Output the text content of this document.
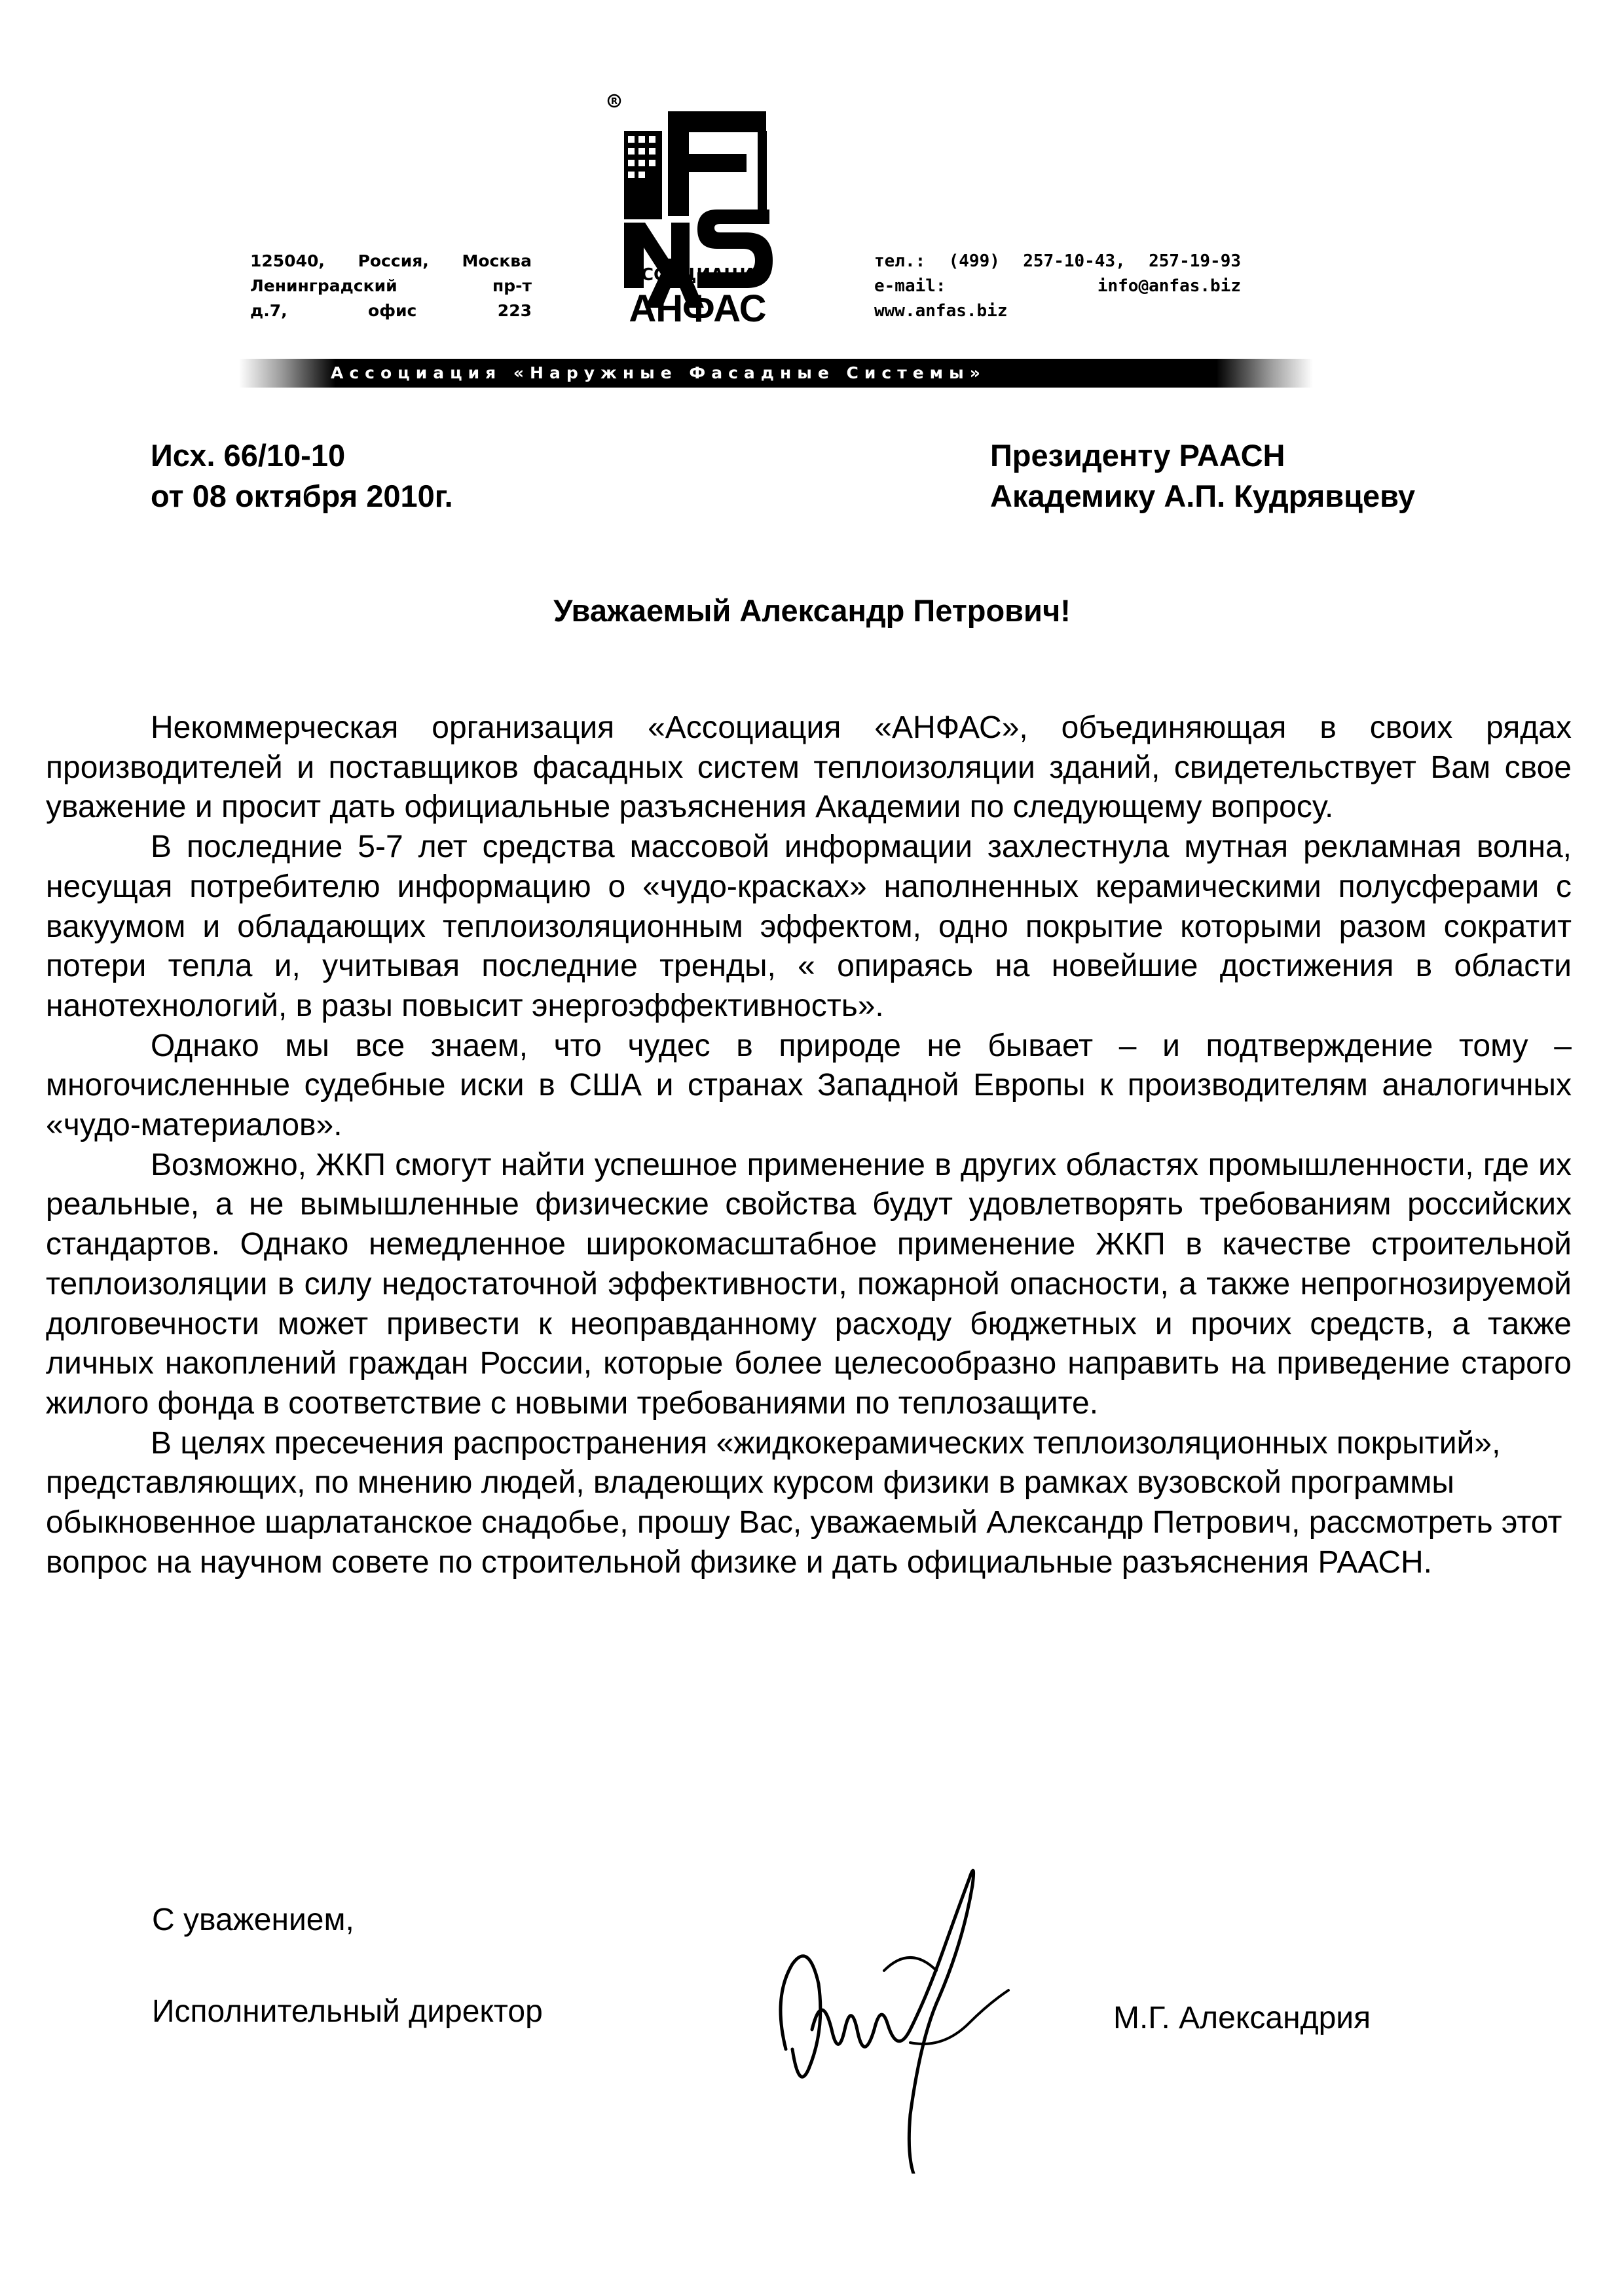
125040, Россия, Москва
Ленинградский пр-т
д.7, офис 223
R
АССОЦИАЦИЯ
АНФАС
тел.: (499) 257-10-43, 257-19-93
e-mail: info@anfas.biz
www.anfas.biz
Ассоциация «Наружные Фасадные Системы»
Исх. 66/10-10
от 08 октября 2010г.
Президенту РААСН
Академику А.П. Кудрявцеву
Уважаемый Александр Петрович!

Некоммерческая организация «Ассоциация «АНФАС», объединяющая в своих рядах производителей и поставщиков фасадных систем теплоизоляции зданий, свидетельствует Вам свое уважение и просит дать официальные разъяснения Академии по следующему вопросу.

В последние 5-7 лет средства массовой информации захлестнула мутная рекламная волна, несущая потребителю информацию о «чудо-красках» наполненных керамическими полусферами с вакуумом и обладающих теплоизоляционным эффектом, одно покрытие которыми разом сократит потери тепла и, учитывая последние тренды, « опираясь на новейшие достижения в области нанотехнологий, в разы повысит энергоэффективность».

Однако мы все знаем, что чудес в природе не бывает – и подтверждение тому – многочисленные судебные иски в США и странах Западной Европы к производителям аналогичных «чудо-материалов».

Возможно, ЖКП смогут найти успешное применение в других областях промышленности, где их реальные, а не вымышленные физические свойства будут удовлетворять требованиям российских стандартов. Однако немедленное широкомасштабное применение ЖКП в качестве строительной теплоизоляции в силу недостаточной эффективности, пожарной опасности, а также непрогнозируемой долговечности может привести к неоправданному расходу бюджетных и прочих средств, а также личных накоплений граждан России, которые более целесообразно направить на приведение старого жилого фонда в соответствие с новыми требованиями по теплозащите.

В целях пресечения распространения «жидкокерамических теплоизоляционных покрытий», представляющих, по мнению людей, владеющих курсом физики в рамках вузовской программы обыкновенное шарлатанское снадобье, прошу Вас, уважаемый Александр Петрович, рассмотреть этот вопрос на научном совете по строительной физике и дать официальные разъяснения РААСН.

С уважением,
Исполнительный директор	М.Г. Александрия
